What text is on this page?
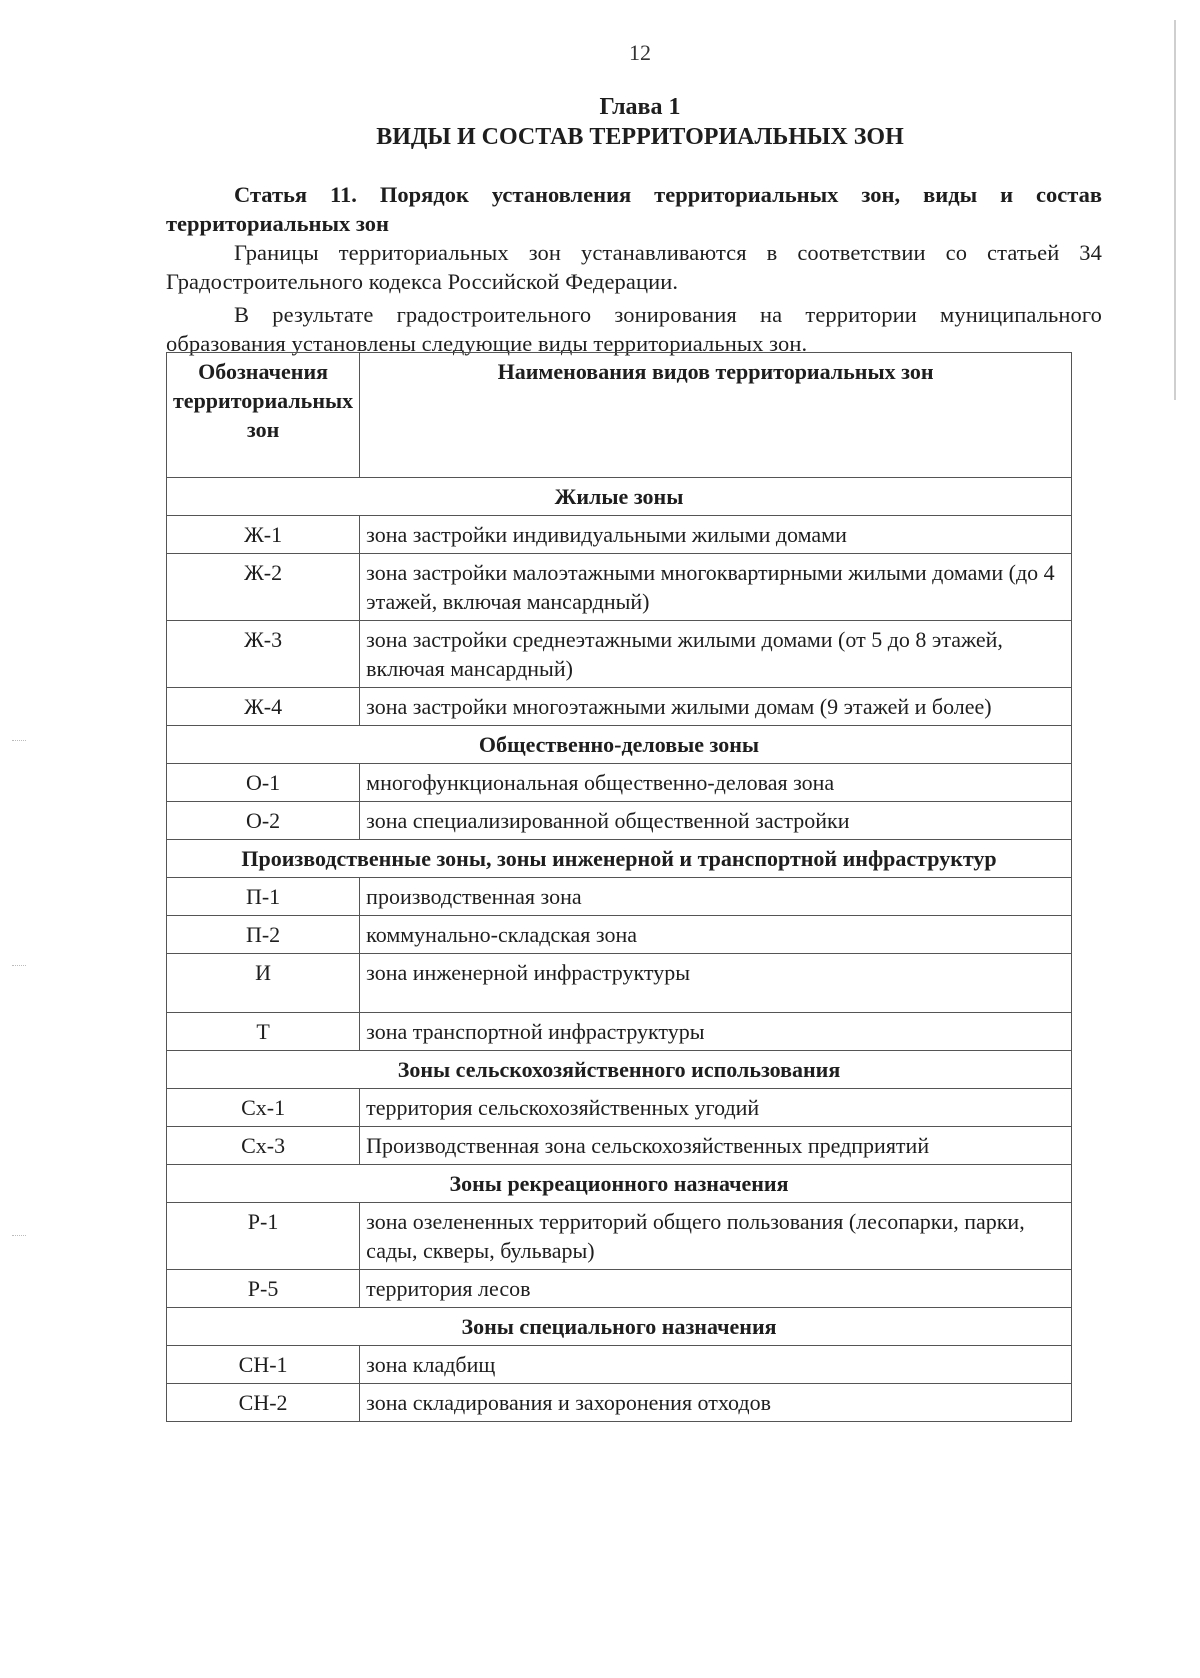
12
Глава 1
ВИДЫ И СОСТАВ ТЕРРИТОРИАЛЬНЫХ ЗОН

Статья 11. Порядок установления территориальных зон, виды и состав территориальных зон

Границы территориальных зон устанавливаются в соответствии со статьей 34 Градостроительного кодекса Российской Федерации.

В результате градостроительного зонирования на территории муниципального образования установлены следующие виды территориальных зон.

Обозначения территориальных зон	Наименования видов территориальных зон
Жилые зоны	
Ж-1	зона застройки индивидуальными жилыми домами
Ж-2	зона застройки малоэтажными многоквартирными жилыми домами (до 4 этажей, включая мансардный)
Ж-3	зона застройки среднеэтажными жилыми домами (от 5 до 8 этажей, включая мансардный)
Ж-4	зона застройки многоэтажными жилыми домам (9 этажей и более)
Общественно-деловые зоны	
О-1	многофункциональная общественно-деловая зона
О-2	зона специализированной общественной застройки
Производственные зоны, зоны инженерной и транспортной инфраструктур	
П-1	производственная зона
П-2	коммунально-складская зона
И	зона инженерной инфраструктуры
Т	зона транспортной инфраструктуры
Зоны сельскохозяйственного использования	
Сх-1	территория сельскохозяйственных угодий
Сх-3	Производственная зона сельскохозяйственных предприятий
Зоны рекреационного назначения	
Р-1	зона озелененных территорий общего пользования (лесопарки, парки, сады, скверы, бульвары)
Р-5	территория лесов
Зоны специального назначения	
СН-1	зона кладбищ
СН-2	зона складирования и захоронения отходов
